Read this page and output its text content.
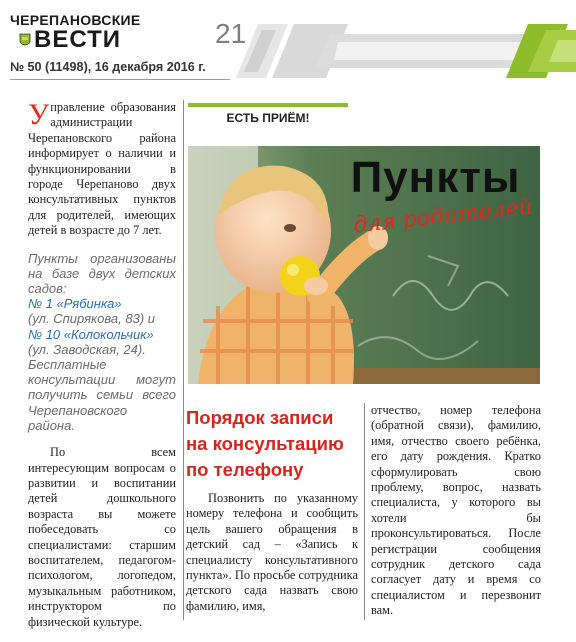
ЧЕРЕПАНОВСКИЕ
ВЕСТИ	21
№ 50 (11498), 16 декабря 2016 г.

Управление образования администрации Черепановского района информирует о наличии и функционировании в городе Черепаново двух консультативных пунктов для родителей, имеющих детей в возрасте до 7 лет.

Пункты организованы на базе двух детских садов:
№ 1 «Рябинка»
(ул. Спирякова, 83) и
№ 10 «Колокольчик»
(ул. Заводская, 24).

Бесплатные консультации могут получить семьи всего Черепановского района.

По всем интересующим вопросам о развитии и воспитании детей дошкольного возраста вы можете побеседовать со специалистами: старшим воспитателем, педагогом-психологом, логопедом, музыкальным работником, инструктором по физической культуре.

ЕСТЬ ПРИЁМ!
Пункты
для родителей
Порядок записи на консультацию по телефону
Позвонить по указанному номеру телефона и сообщить цель вашего обращения в детский сад – «Запись к специалисту консультативного пункта». По просьбе сотрудника детского сада назвать свою фамилию, имя,
отчество, номер телефона (обратной связи), фамилию, имя, отчество своего ребёнка, его дату рождения. Кратко сформулировать свою проблему, вопрос, назвать специалиста, у которого вы хотели бы проконсультироваться. После регистрации сообщения сотрудник детского сада согласует дату и время со специалистом и перезвонит вам.
